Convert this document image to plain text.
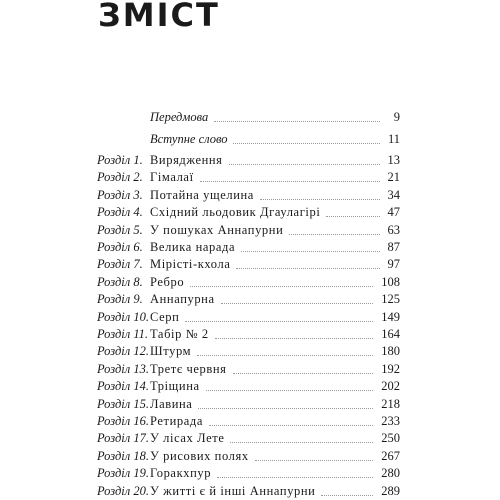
ЗМІСТ
Передмова	9
Вступне слово	11
Розділ 1. Вирядження	13
Розділ 2. Гімалаї	21
Розділ 3. Потайна ущелина	34
Розділ 4. Східний льодовик Дгаулагірі	47
Розділ 5. У пошуках Аннапурни	63
Розділ 6. Велика нарада	87
Розділ 7. Мірісті-кхола	97
Розділ 8. Ребро	108
Розділ 9. Аннапурна	125
Розділ 10. Серп	149
Розділ 11. Табір № 2	164
Розділ 12. Штурм	180
Розділ 13. Третє червня	192
Розділ 14. Тріщина	202
Розділ 15. Лавина	218
Розділ 16. Ретирада	233
Розділ 17. У лісах Лете	250
Розділ 18. У рисових полях	267
Розділ 19. Горакхпур	280
Розділ 20. У житті є й інші Аннапурни	289
